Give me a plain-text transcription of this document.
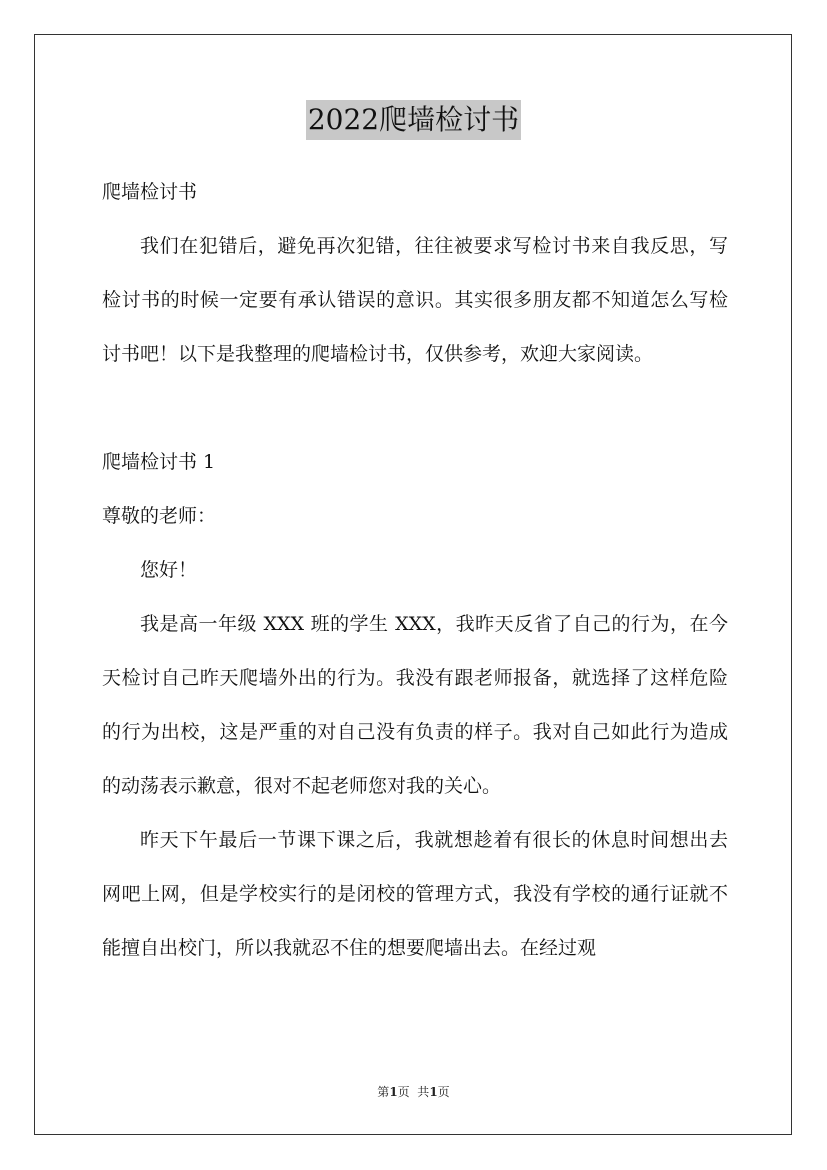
2022爬墙检讨书

爬墙检讨书

我们在犯错后，避免再次犯错，往往被要求写检讨书来自我反思，写检讨书的时候一定要有承认错误的意识。其实很多朋友都不知道怎么写检讨书吧！以下是我整理的爬墙检讨书，仅供参考，欢迎大家阅读。

爬墙检讨书 1

尊敬的老师：

您好！

我是高一年级 XXX 班的学生 XXX，我昨天反省了自己的行为，在今天检讨自己昨天爬墙外出的行为。我没有跟老师报备，就选择了这样危险的行为出校，这是严重的对自己没有负责的样子。我对自己如此行为造成的动荡表示歉意，很对不起老师您对我的关心。

昨天下午最后一节课下课之后，我就想趁着有很长的休息时间想出去网吧上网，但是学校实行的是闭校的管理方式，我没有学校的通行证就不能擅自出校门，所以我就忍不住的想要爬墙出去。在经过观

第1页  共1页
